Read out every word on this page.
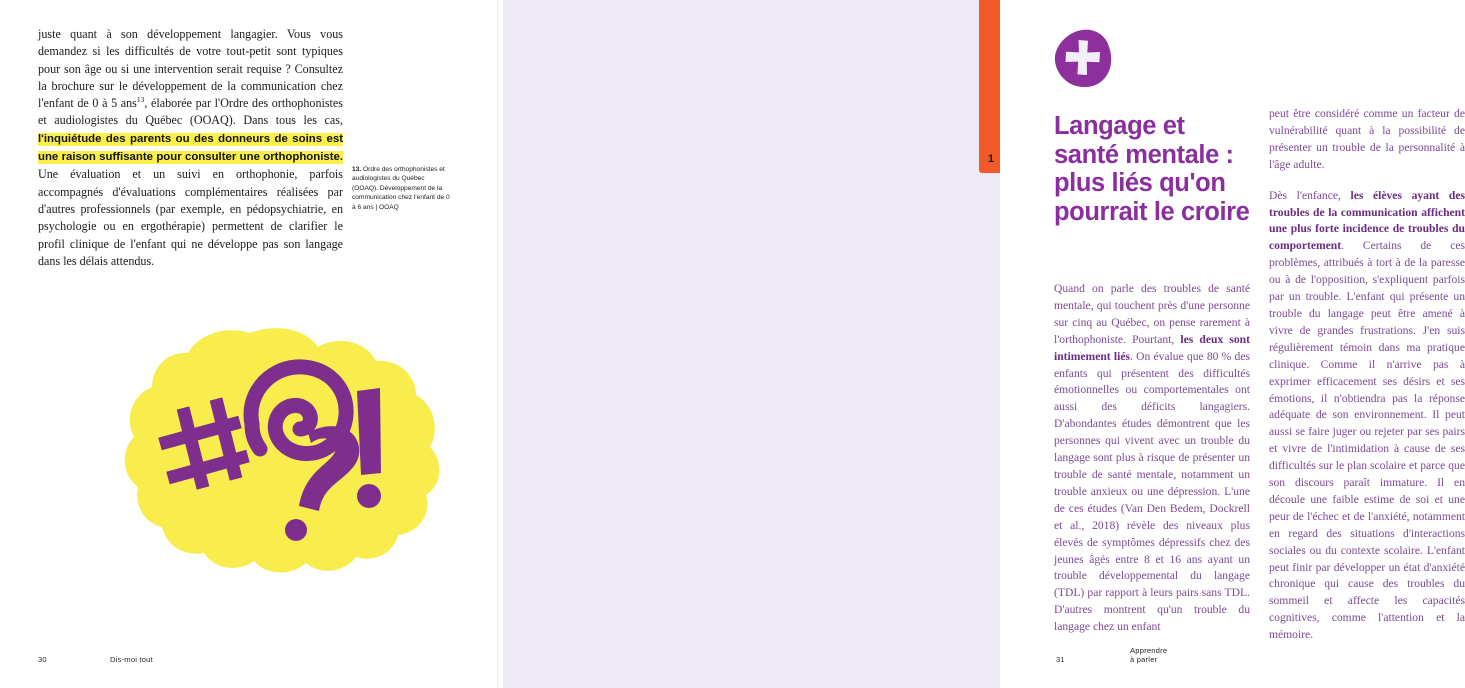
juste quant à son développement langagier. Vous vous demandez si les difficultés de votre tout-petit sont typiques pour son âge ou si une intervention serait requise ? Consultez la brochure sur le développement de la communication chez l'enfant de 0 à 5 ans$^{13}$, élaborée par l'Ordre des orthophonistes et audiologistes du Québec (OOAQ). Dans tous les cas, l'inquiétude des parents ou des donneurs de soins est une raison suffisante pour consulter une orthophoniste. Une évaluation et un suivi en orthophonie, parfois accompagnés d'évaluations complémentaires réalisées par d'autres professionnels (par exemple, en pédopsychiatrie, en psychologie ou en ergothérapie) permettent de clarifier le profil clinique de l'enfant qui ne développe pas son langage dans les délais attendus.

13. Ordre des orthophonistes et audiologistes du Québec (OOAQ). Développement de la communication chez l'enfant de 0 à 6 ans | OOAQ
30	Dis-moi tout
Langage et santé mentale : plus liés qu'on pourrait le croire

Quand on parle des troubles de santé mentale, qui touchent près d'une personne sur cinq au Québec, on pense rarement à l'orthophoniste. Pourtant, les deux sont intimement liés. On évalue que 80 % des enfants qui présentent des difficultés émotionnelles ou comportementales ont aussi des déficits langagiers. D'abondantes études démontrent que les personnes qui vivent avec un trouble du langage sont plus à risque de présenter un trouble de santé mentale, notamment un trouble anxieux ou une dépression. L'une de ces études (Van Den Bedem, Dockrell et al., 2018) révèle des niveaux plus élevés de symptômes dépressifs chez des jeunes âgés entre 8 et 16 ans ayant un trouble développemental du langage (TDL) par rapport à leurs pairs sans TDL. D'autres montrent qu'un trouble du langage chez un enfant

peut être considéré comme un facteur de vulnérabilité quant à la possibilité de présenter un trouble de la personnalité à l'âge adulte.

Dès l'enfance, les élèves ayant des troubles de la communication affichent une plus forte incidence de troubles du comportement. Certains de ces problèmes, attribués à tort à de la paresse ou à de l'opposition, s'expliquent parfois par un trouble. L'enfant qui présente un trouble du langage peut être amené à vivre de grandes frustrations. J'en suis régulièrement témoin dans ma pratique clinique. Comme il n'arrive pas à exprimer efficacement ses désirs et ses émotions, il n'obtiendra pas la réponse adéquate de son environnement. Il peut aussi se faire juger ou rejeter par ses pairs et vivre de l'intimidation à cause de ses difficultés sur le plan scolaire et parce que son discours paraît immature. Il en découle une faible estime de soi et une peur de l'échec et de l'anxiété, notamment en regard des situations d'interactions sociales ou du contexte scolaire. L'enfant peut finir par développer un état d'anxiété chronique qui cause des troubles du sommeil et affecte les capacités cognitives, comme l'attention et la mémoire.

31
Apprendre à parler
1
